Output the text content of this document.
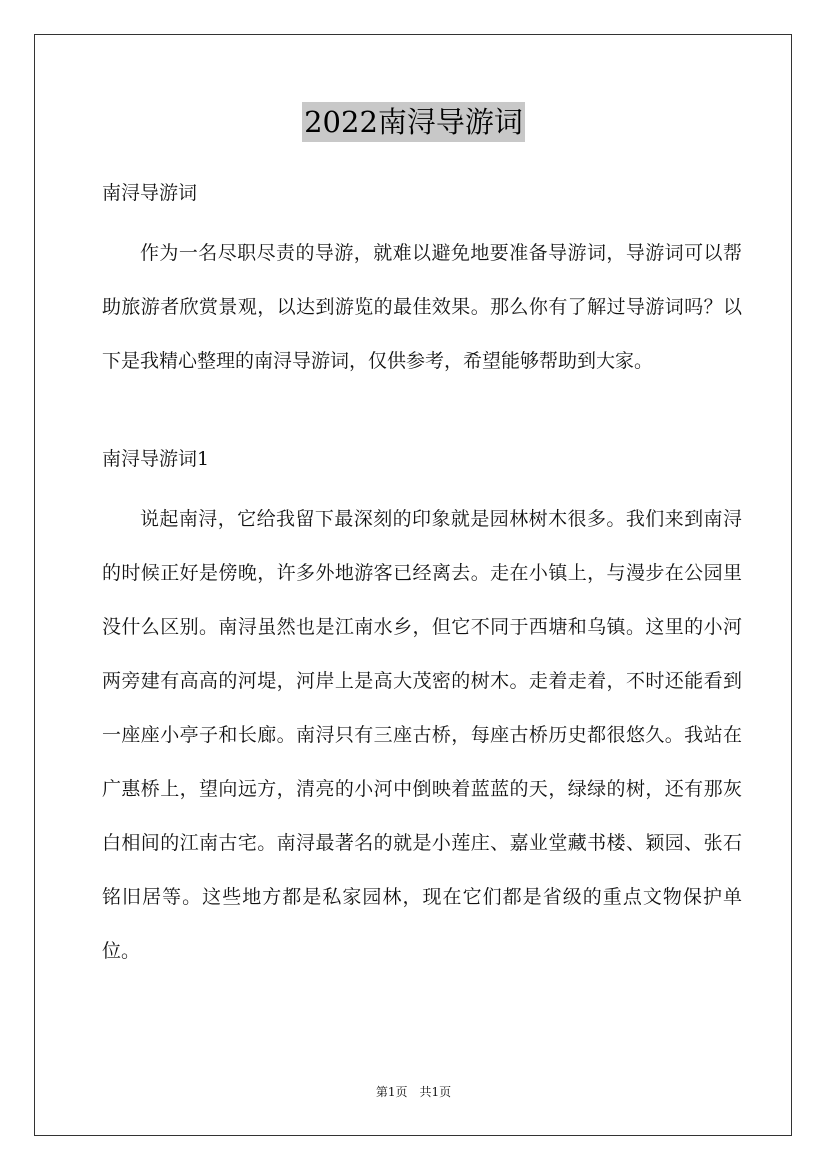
2022南浔导游词
南浔导游词

作为一名尽职尽责的导游，就难以避免地要准备导游词，导游词可以帮助旅游者欣赏景观，以达到游览的最佳效果。那么你有了解过导游词吗？以下是我精心整理的南浔导游词，仅供参考，希望能够帮助到大家。

南浔导游词1

说起南浔，它给我留下最深刻的印象就是园林树木很多。我们来到南浔的时候正好是傍晚，许多外地游客已经离去。走在小镇上，与漫步在公园里没什么区别。南浔虽然也是江南水乡，但它不同于西塘和乌镇。这里的小河两旁建有高高的河堤，河岸上是高大茂密的树木。走着走着，不时还能看到一座座小亭子和长廊。南浔只有三座古桥，每座古桥历史都很悠久。我站在广惠桥上，望向远方，清亮的小河中倒映着蓝蓝的天，绿绿的树，还有那灰白相间的江南古宅。南浔最著名的就是小莲庄、嘉业堂藏书楼、颖园、张石铭旧居等。这些地方都是私家园林，现在它们都是省级的重点文物保护单位。

第1页　共1页
